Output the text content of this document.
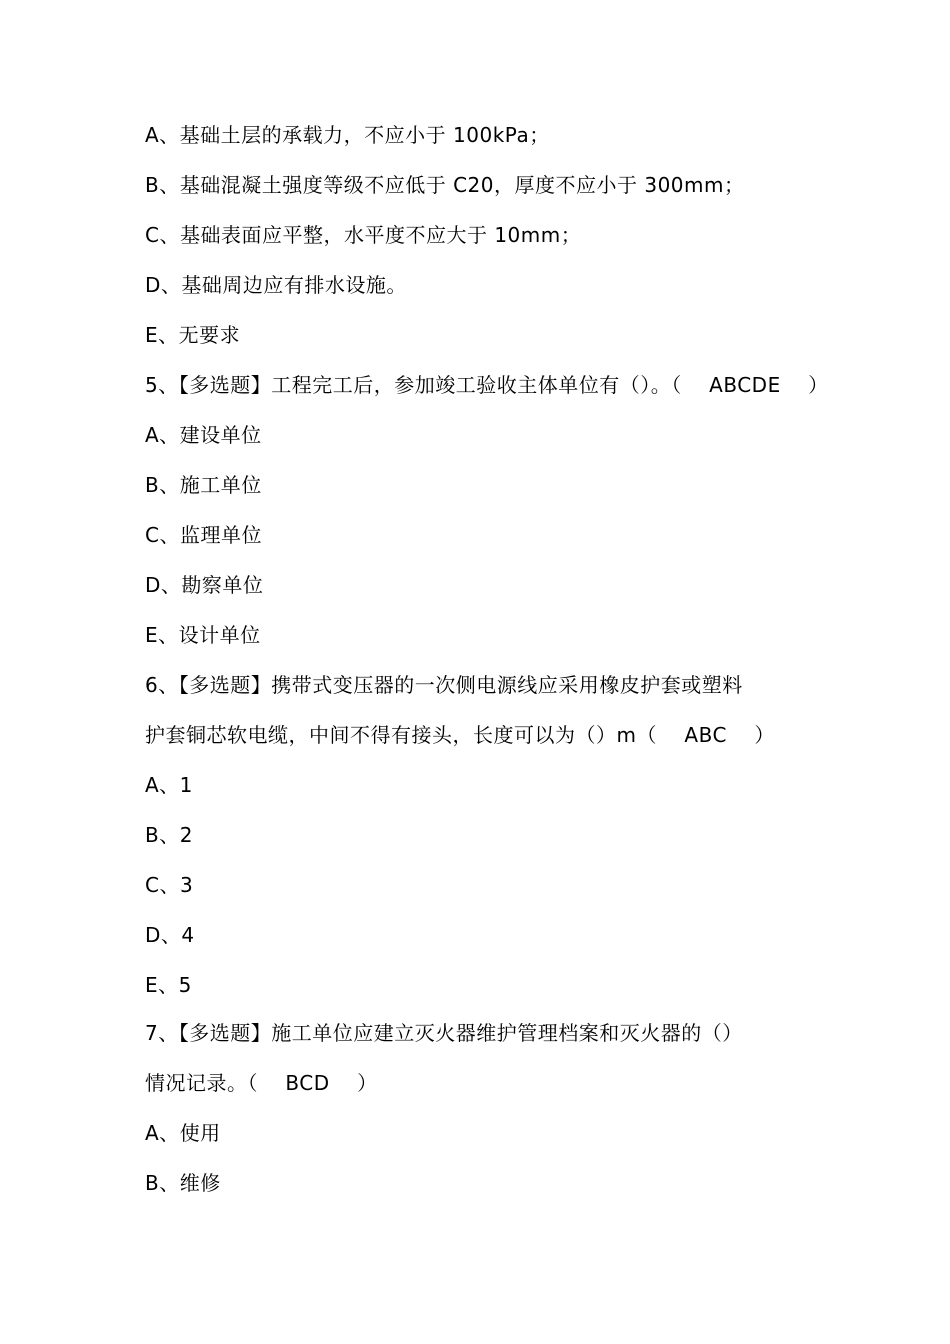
A、基础土层的承载力，不应小于 100kPa；
B、基础混凝土强度等级不应低于 C20，厚度不应小于 300mm；
C、基础表面应平整，水平度不应大于 10mm；
D、基础周边应有排水设施。
E、无要求
5、【多选题】工程完工后，参加竣工验收主体单位有（）。（    ABCDE    ）
A、建设单位
B、施工单位
C、监理单位
D、勘察单位
E、设计单位
6、【多选题】携带式变压器的一次侧电源线应采用橡皮护套或塑料
护套铜芯软电缆，中间不得有接头，长度可以为（）m（    ABC    ）
A、1
B、2
C、3
D、4
E、5
7、【多选题】施工单位应建立灭火器维护管理档案和灭火器的（）
情况记录。（    BCD    ）
A、使用
B、维修
